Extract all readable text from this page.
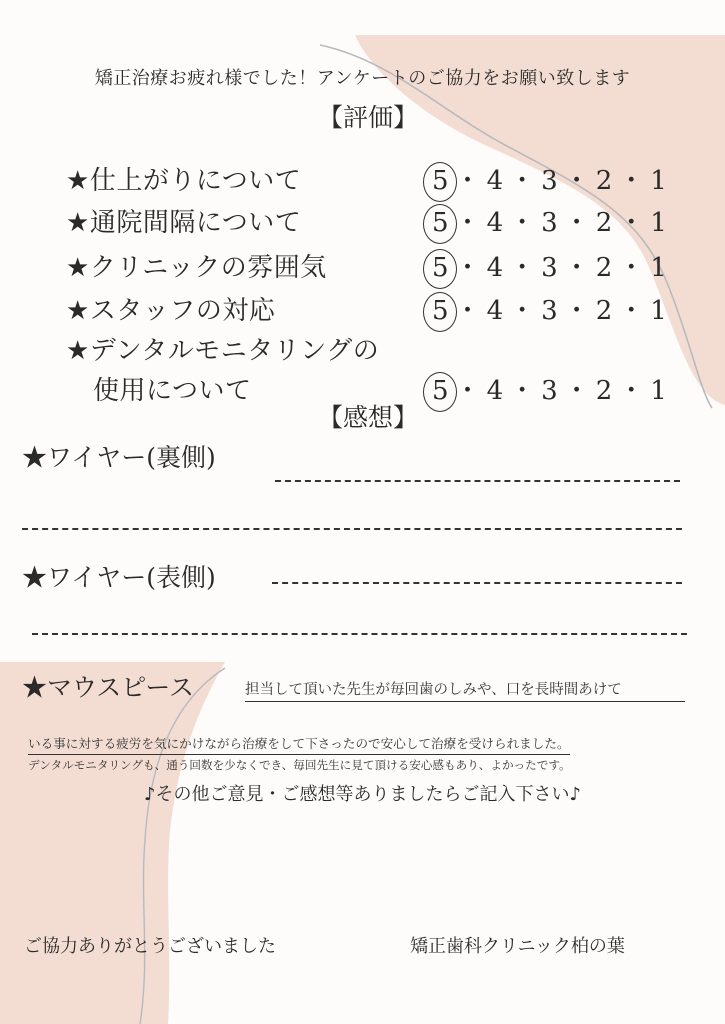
矯正治療お疲れ様でした！アンケートのご協力をお願い致します
【評価】
★仕上がりについて	5 ・ 4 ・ 3 ・ 2 ・ 1
★通院間隔について	5 ・ 4 ・ 3 ・ 2 ・ 1
★クリニックの雰囲気	5 ・ 4 ・ 3 ・ 2 ・ 1
★スタッフの対応	5 ・ 4 ・ 3 ・ 2 ・ 1
★デンタルモニタリングの
使用について	5 ・ 4 ・ 3 ・ 2 ・ 1
【感想】
★ワイヤー(裏側)
★ワイヤー(表側)
★マウスピース	担当して頂いた先生が毎回歯のしみや、口を長時間あけて
いる事に対する疲労を気にかけながら治療をして下さったので安心して治療を受けられました。
デンタルモニタリングも、通う回数を少なくでき、毎回先生に見て頂ける安心感もあり、よかったです。
♪その他ご意見・ご感想等ありましたらご記入下さい♪
ご協力ありがとうございました	矯正歯科クリニック柏の葉
